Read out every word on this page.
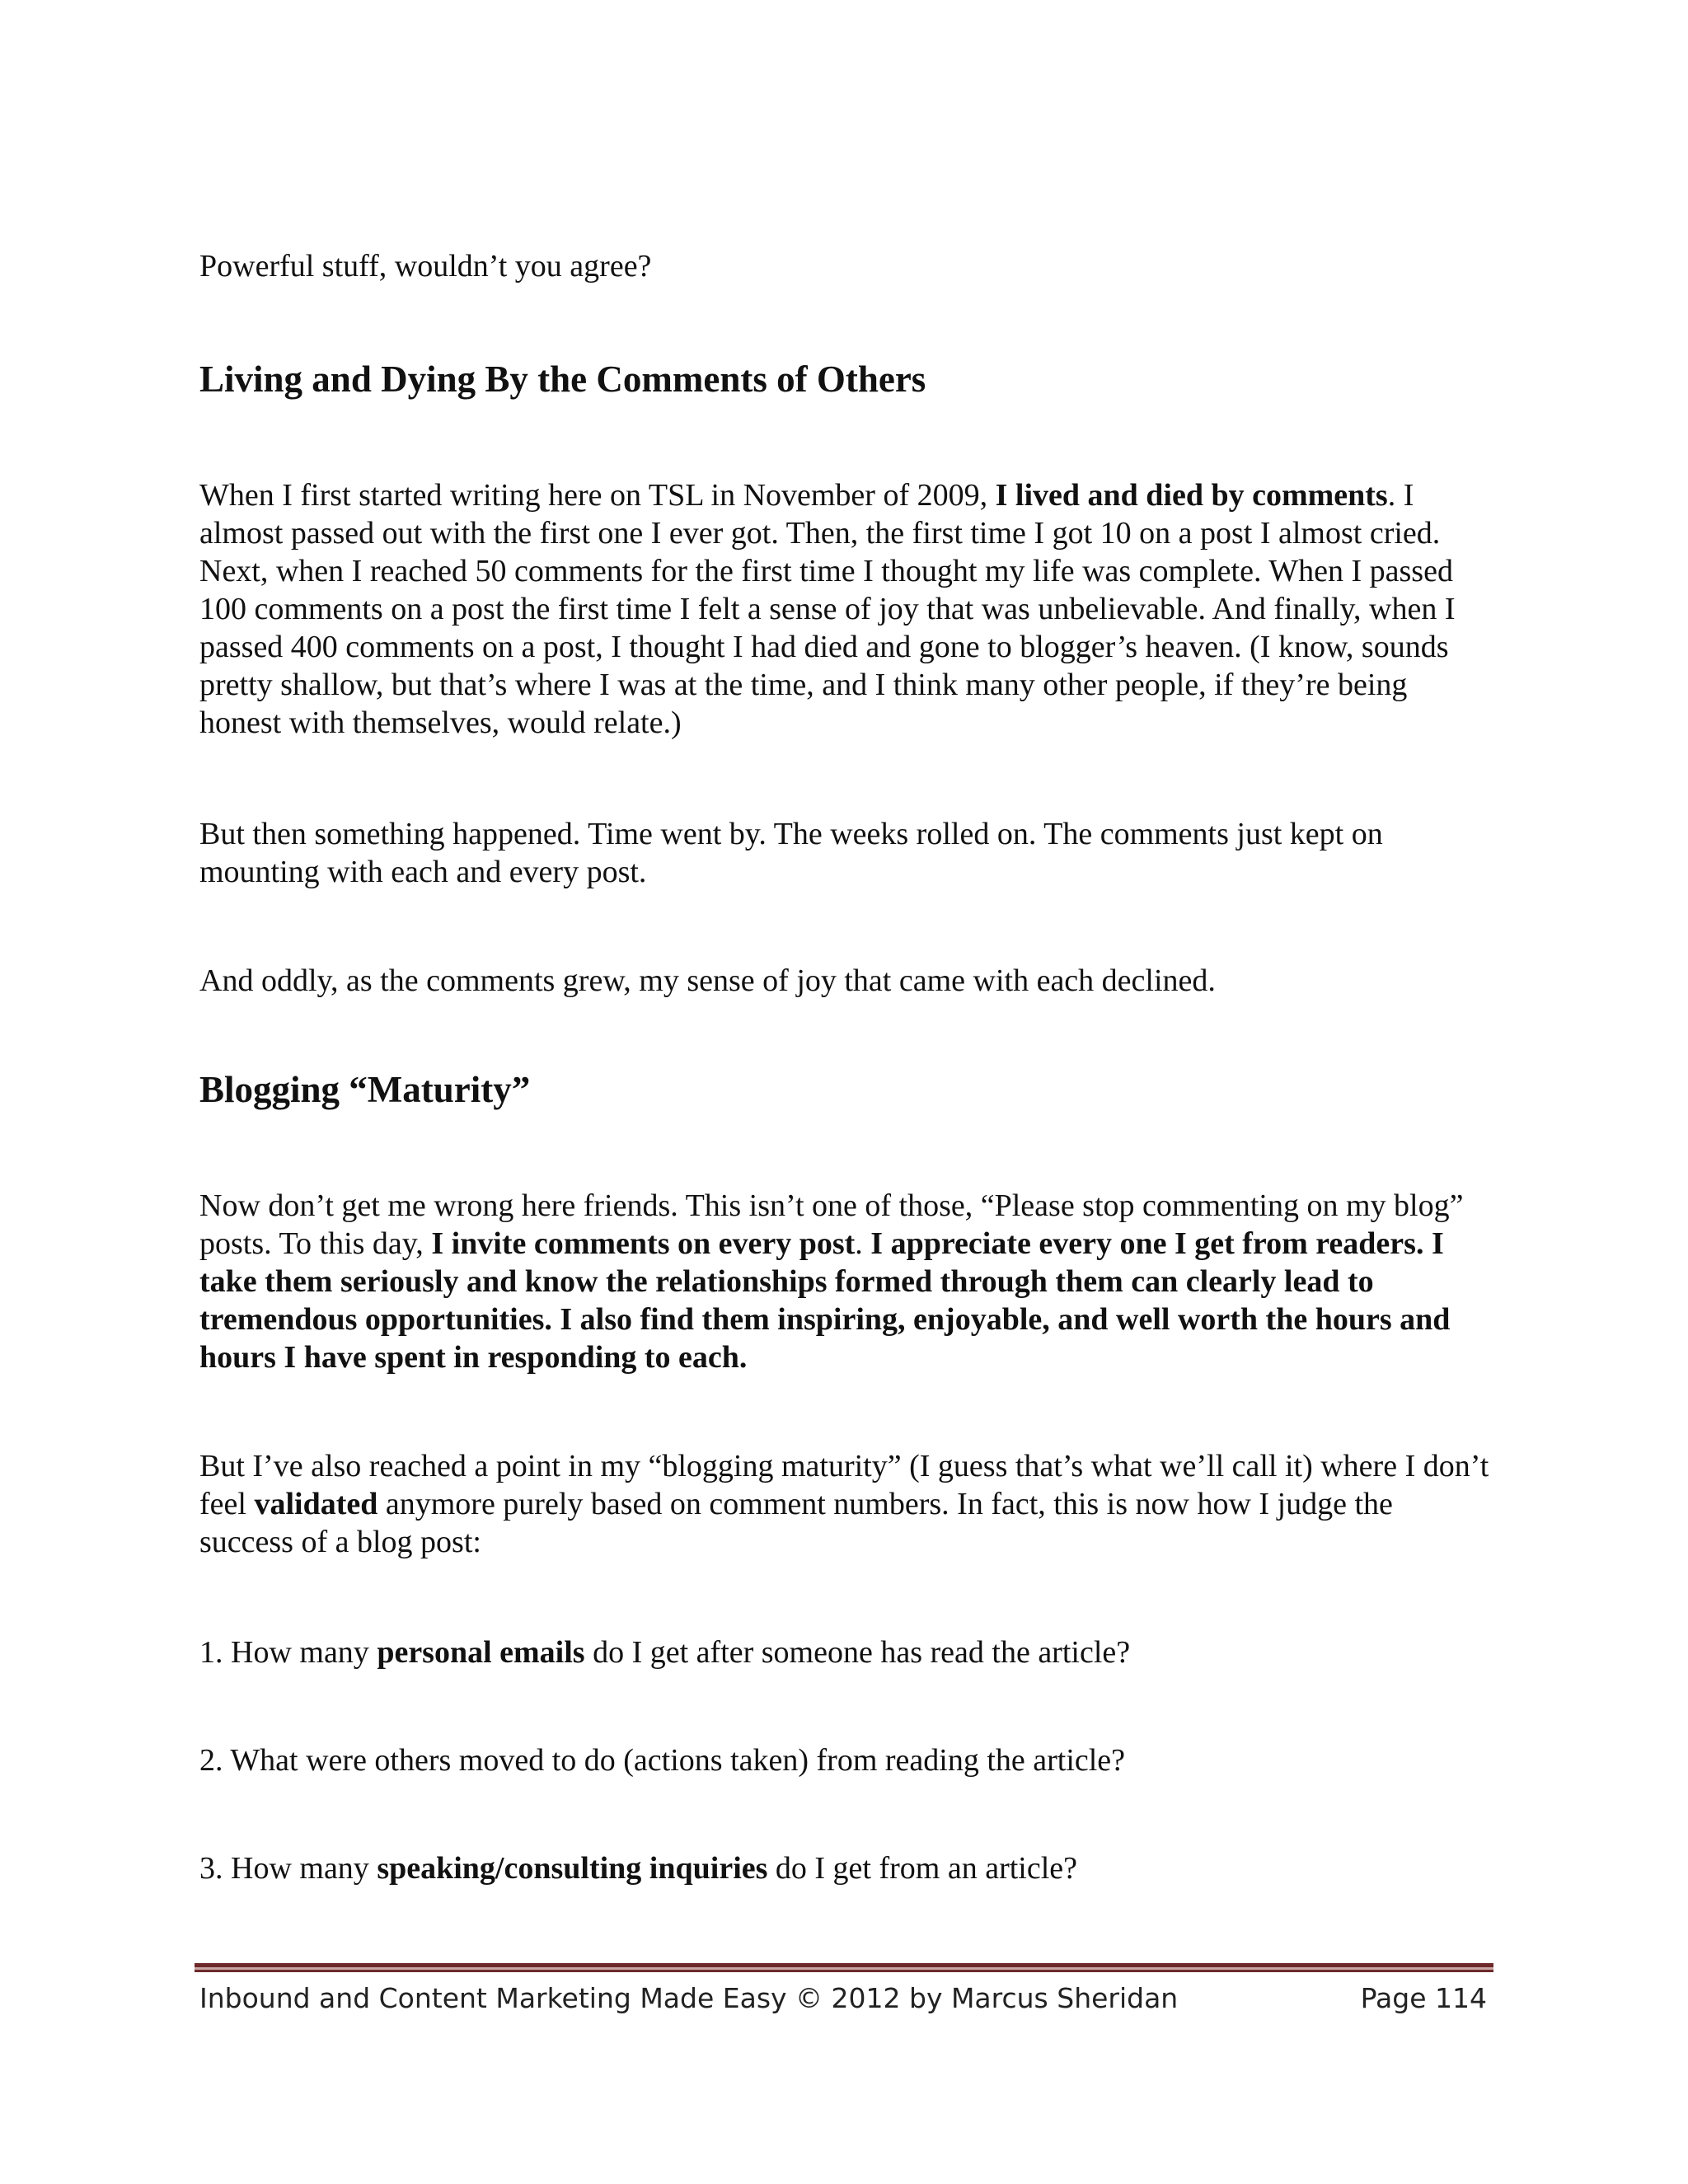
Powerful stuff, wouldn’t you agree?

Living and Dying By the Comments of Others

When I first started writing here on TSL in November of 2009, I lived and died by comments. I almost passed out with the first one I ever got. Then, the first time I got 10 on a post I almost cried. Next, when I reached 50 comments for the first time I thought my life was complete. When I passed 100 comments on a post the first time I felt a sense of joy that was unbelievable. And finally, when I passed 400 comments on a post, I thought I had died and gone to blogger’s heaven. (I know, sounds pretty shallow, but that’s where I was at the time, and I think many other people, if they’re being honest with themselves, would relate.)

But then something happened. Time went by. The weeks rolled on. The comments just kept on mounting with each and every post.

And oddly, as the comments grew, my sense of joy that came with each declined.

Blogging “Maturity”

Now don’t get me wrong here friends. This isn’t one of those, “Please stop commenting on my blog” posts. To this day, I invite comments on every post. I appreciate every one I get from readers. I take them seriously and know the relationships formed through them can clearly lead to tremendous opportunities. I also find them inspiring, enjoyable, and well worth the hours and hours I have spent in responding to each.

But I’ve also reached a point in my “blogging maturity” (I guess that’s what we’ll call it) where I don’t feel validated anymore purely based on comment numbers. In fact, this is now how I judge the success of a blog post:

1. How many personal emails do I get after someone has read the article?

2. What were others moved to do (actions taken) from reading the article?

3. How many speaking/consulting inquiries do I get from an article?

Inbound and Content Marketing Made Easy © 2012 by Marcus Sheridan	Page 114
